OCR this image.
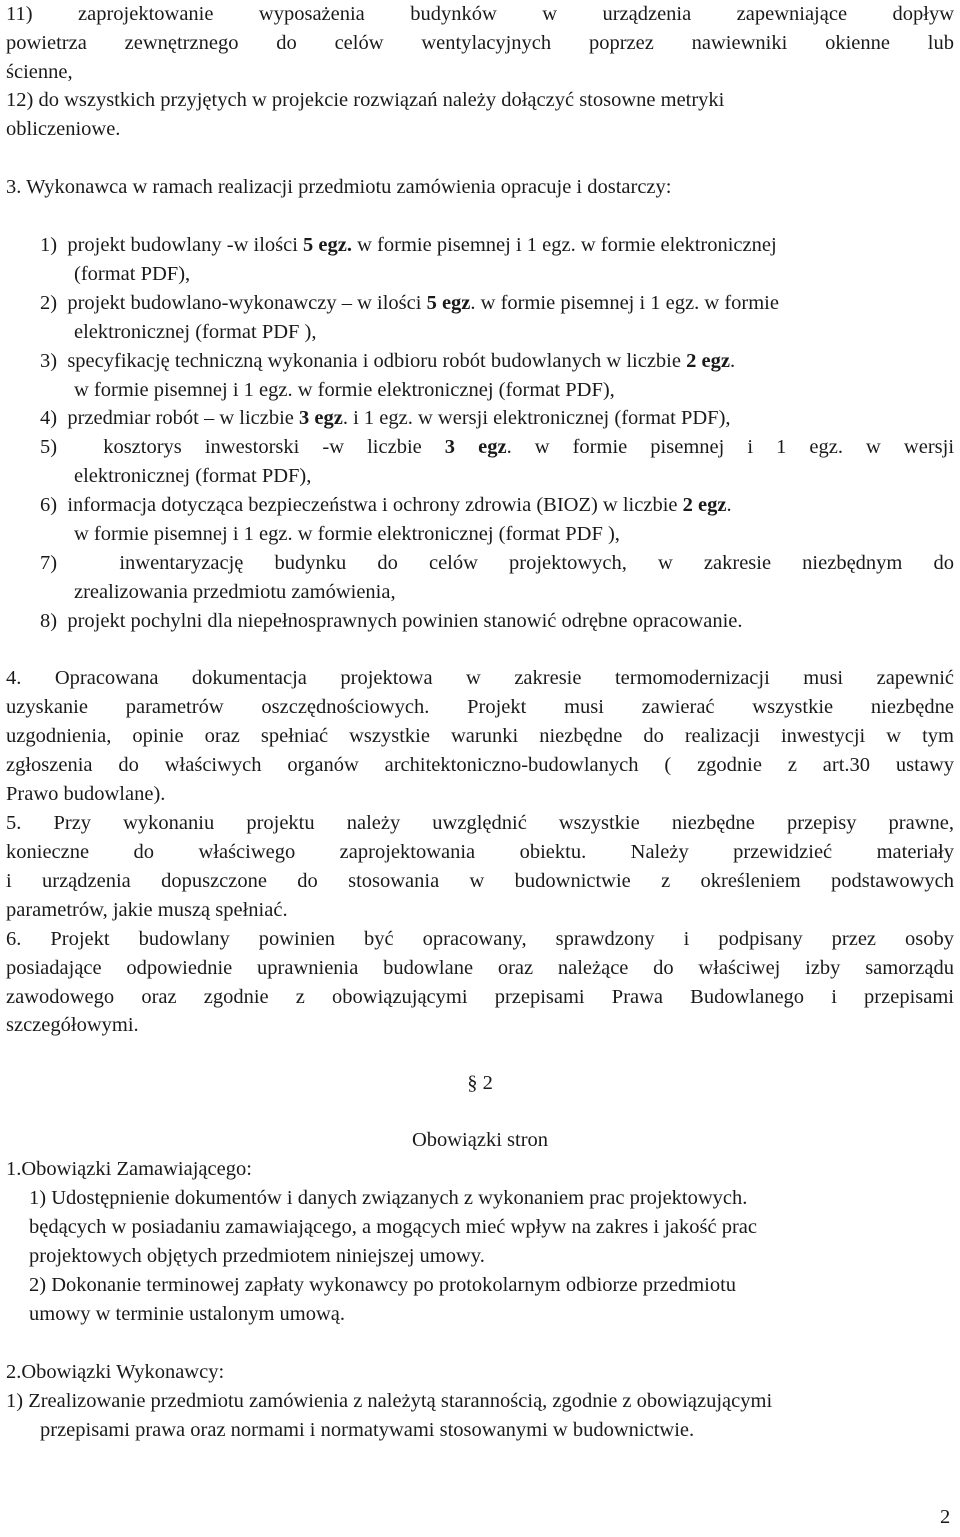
11) zaprojektowanie wyposażenia budynków w urządzenia zapewniające dopływ
powietrza zewnętrznego do celów wentylacyjnych poprzez nawiewniki okienne lub
ścienne,
12) do wszystkich przyjętych w projekcie rozwiązań należy dołączyć stosowne metryki
obliczeniowe.
3. Wykonawca w ramach realizacji przedmiotu zamówienia opracuje i dostarczy:
1) projekt budowlany -w ilości 5 egz. w formie pisemnej i 1 egz. w formie elektronicznej
(format PDF),
2) projekt budowlano-wykonawczy – w ilości 5 egz. w formie pisemnej i 1 egz. w formie
elektronicznej (format PDF ),
3) specyfikację techniczną wykonania i odbioru robót budowlanych w liczbie 2 egz.
w formie pisemnej i 1 egz. w formie elektronicznej (format PDF),
4) przedmiar robót – w liczbie 3 egz. i 1 egz. w wersji elektronicznej (format PDF),
5) kosztorys inwestorski -w liczbie 3 egz. w formie pisemnej i 1 egz. w wersji
elektronicznej (format PDF),
6) informacja dotycząca bezpieczeństwa i ochrony zdrowia (BIOZ) w liczbie 2 egz.
w formie pisemnej i 1 egz. w formie elektronicznej (format PDF ),
7)	inwentaryzację budynku do celów projektowych, w zakresie niezbędnym do
zrealizowania przedmiotu zamówienia,
8) projekt pochylni dla niepełnosprawnych powinien stanowić odrębne opracowanie.
4. Opracowana dokumentacja projektowa w zakresie termomodernizacji musi zapewnić
uzyskanie parametrów oszczędnościowych. Projekt musi zawierać wszystkie niezbędne
uzgodnienia, opinie oraz spełniać wszystkie warunki niezbędne do realizacji inwestycji w tym
zgłoszenia do właściwych organów architektoniczno-budowlanych ( zgodnie z art.30 ustawy
Prawo budowlane).
5. Przy wykonaniu projektu należy uwzględnić wszystkie niezbędne przepisy prawne,
konieczne do właściwego zaprojektowania obiektu. Należy przewidzieć materiały
i urządzenia dopuszczone do stosowania w budownictwie z określeniem podstawowych
parametrów, jakie muszą spełniać.
6. Projekt budowlany powinien być opracowany, sprawdzony i podpisany przez osoby
posiadające odpowiednie uprawnienia budowlane oraz należące do właściwej izby samorządu
zawodowego oraz zgodnie z obowiązującymi przepisami Prawa Budowlanego i przepisami
szczegółowymi.
§ 2
Obowiązki stron
1.Obowiązki Zamawiającego:
1) Udostępnienie dokumentów i danych związanych z wykonaniem prac projektowych.
będących w posiadaniu zamawiającego, a mogących mieć wpływ na zakres i jakość prac
projektowych objętych przedmiotem niniejszej umowy.
2) Dokonanie terminowej zapłaty wykonawcy po protokolarnym odbiorze przedmiotu
umowy w terminie ustalonym umową.
2.Obowiązki Wykonawcy:
1) Zrealizowanie przedmiotu zamówienia z należytą starannością, zgodnie z obowiązującymi
przepisami prawa oraz normami i normatywami stosowanymi w budownictwie.
2
